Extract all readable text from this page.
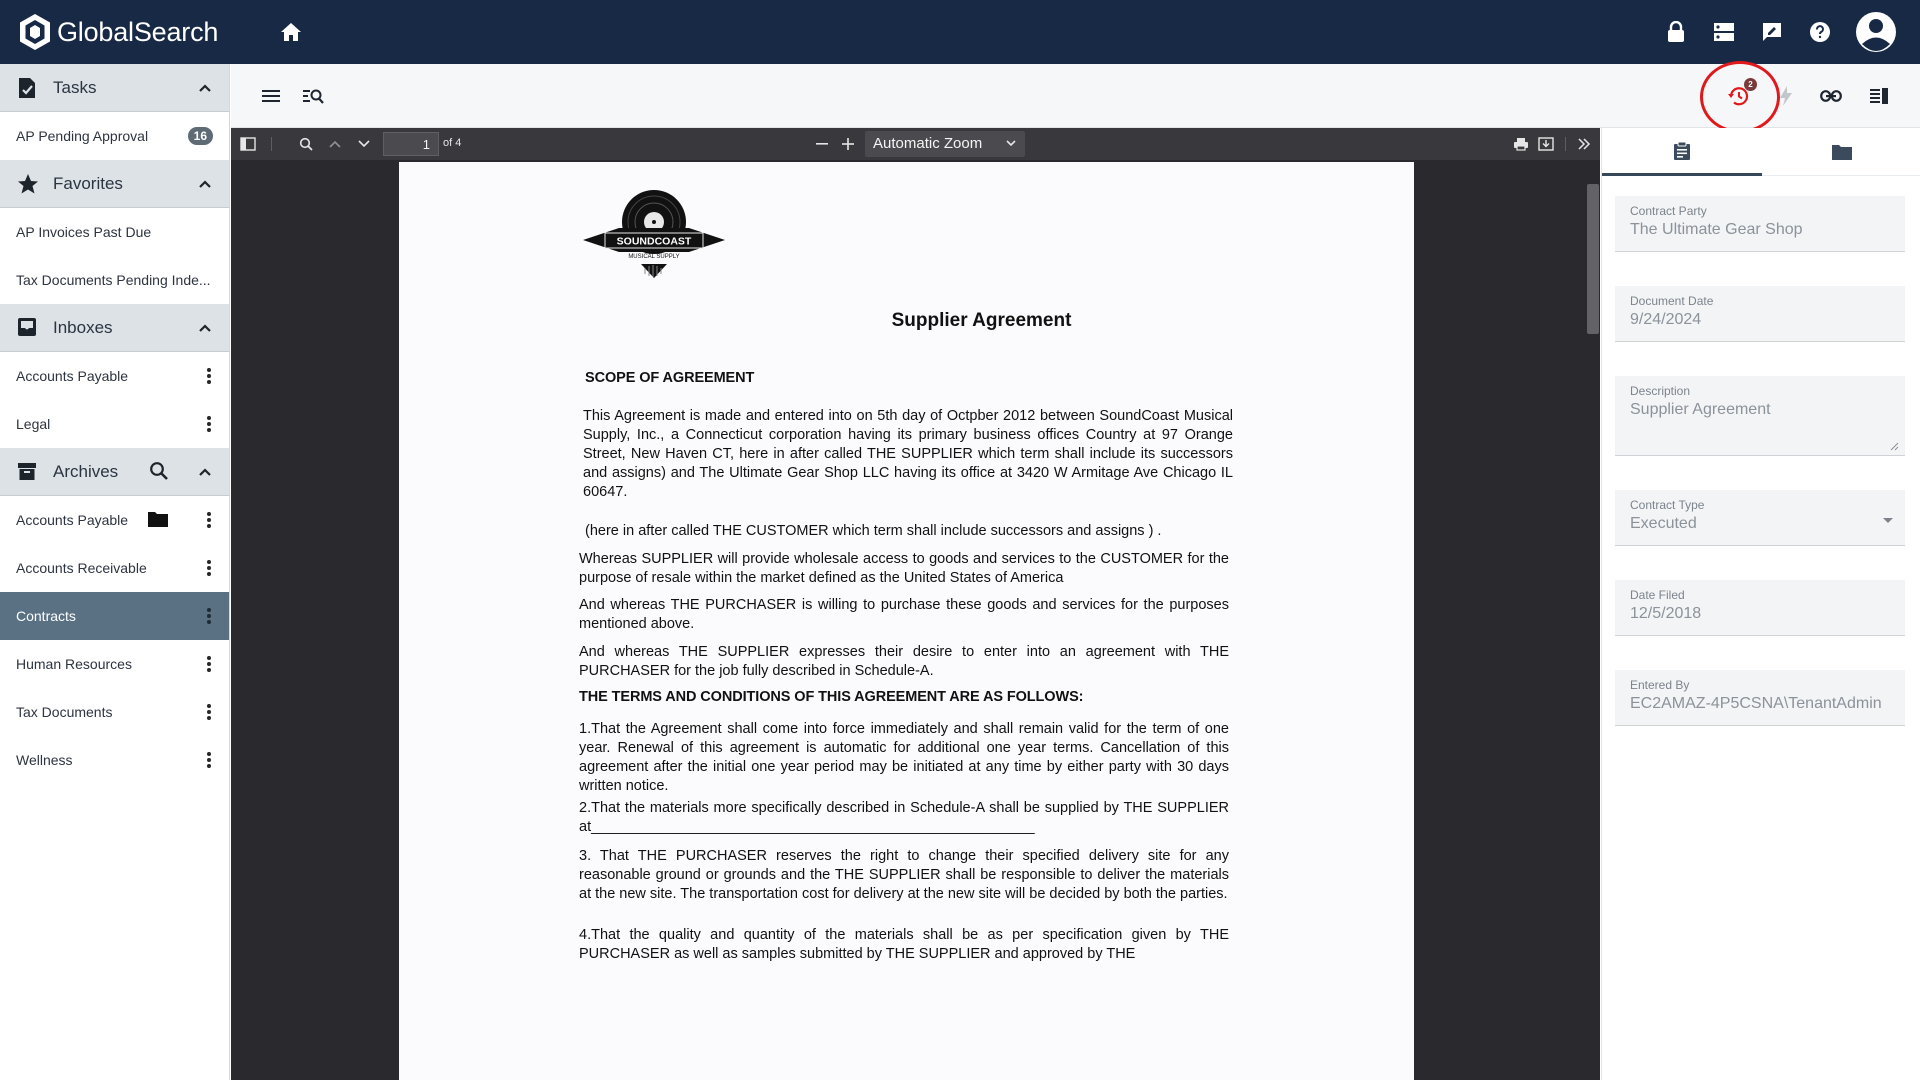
GlobalSearch
Tasks
AP Pending Approval	16
Favorites
AP Invoices Past Due
Tax Documents Pending Inde...
Inboxes
Accounts Payable
Legal
Archives
Accounts Payable
Accounts Receivable
Contracts
Human Resources
Tax Documents
Wellness
2
1
of 4	Automatic Zoom
SOUNDCOAST
MUSICAL SUPPLY
Supplier Agreement
SCOPE OF AGREEMENT
This Agreement is made and entered into on 5th day of Octpber 2012 between SoundCoast Musical Supply, Inc., a Connecticut corporation having its primary business offices Country at 97 Orange Street, New Haven CT, here in after called THE SUPPLIER which term shall include its successors and assigns) and The Ultimate Gear Shop LLC having its office at 3420 W Armitage Ave Chicago IL 60647.
(here in after called THE CUSTOMER which term shall include successors and assigns ) .
Whereas SUPPLIER will provide wholesale access to goods and services to the CUSTOMER for the purpose of resale within the market defined as the United States of America
And whereas THE PURCHASER is willing to purchase these goods and services for the purposes mentioned above.
And whereas THE SUPPLIER expresses their desire to enter into an agreement with THE PURCHASER for the job fully described in Schedule-A.
THE TERMS AND CONDITIONS OF THIS AGREEMENT ARE AS FOLLOWS:
1.That the Agreement shall come into force immediately and shall remain valid for the term of one year. Renewal of this agreement is automatic for additional one year terms. Cancellation of this agreement after the initial one year period may be initiated at any time by either party with 30 days written notice.
2.That the materials more specifically described in Schedule-A shall be supplied by THE SUPPLIER at_______________________________________________________
3. That THE PURCHASER reserves the right to change their specified delivery site for any reasonable ground or grounds and the THE SUPPLIER shall be responsible to deliver the materials at the new site. The transportation cost for delivery at the new site will be decided by both the parties.
4.That the quality and quantity of the materials shall be as per specification given by THE PURCHASER as well as samples submitted by THE SUPPLIER and approved by THE
Contract Party
The Ultimate Gear Shop
Document Date
9/24/2024
Description
Supplier Agreement
Contract Type
Executed
Date Filed
12/5/2018
Entered By
EC2AMAZ-4P5CSNA\TenantAdmin
